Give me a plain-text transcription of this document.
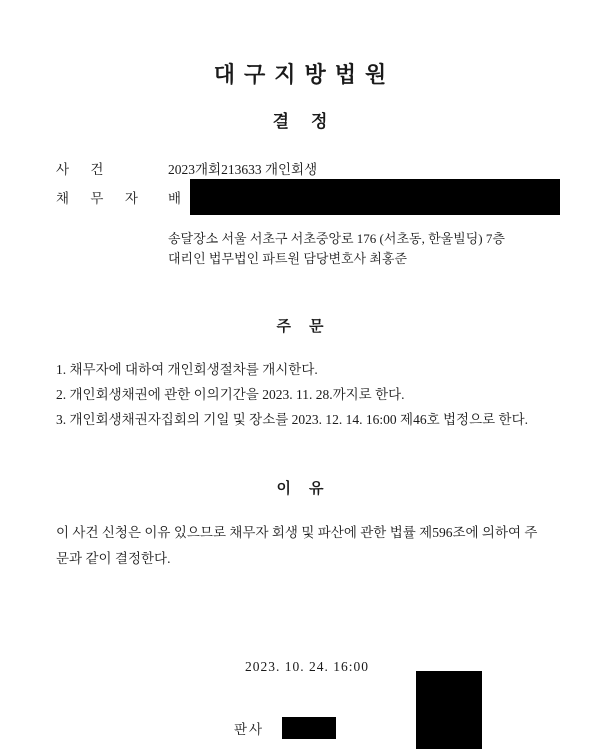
대구지방법원
결정
사 건	2023개회213633 개인회생
채 무 자	배
송달장소 서울 서초구 서초중앙로 176 (서초동, 한울빌딩) 7층
대리인 법무법인 파트원 담당변호사 최홍준
주문
1. 채무자에 대하여 개인회생절차를 개시한다.
2. 개인회생채권에 관한 이의기간을 2023. 11. 28.까지로 한다.
3. 개인회생채권자집회의 기일 및 장소를 2023. 12. 14. 16:00 제46호 법정으로 한다.
이유
이 사건 신청은 이유 있으므로 채무자 회생 및 파산에 관한 법률 제596조에 의하여 주문과 같이 결정한다.
2023. 10. 24. 16:00
판사
